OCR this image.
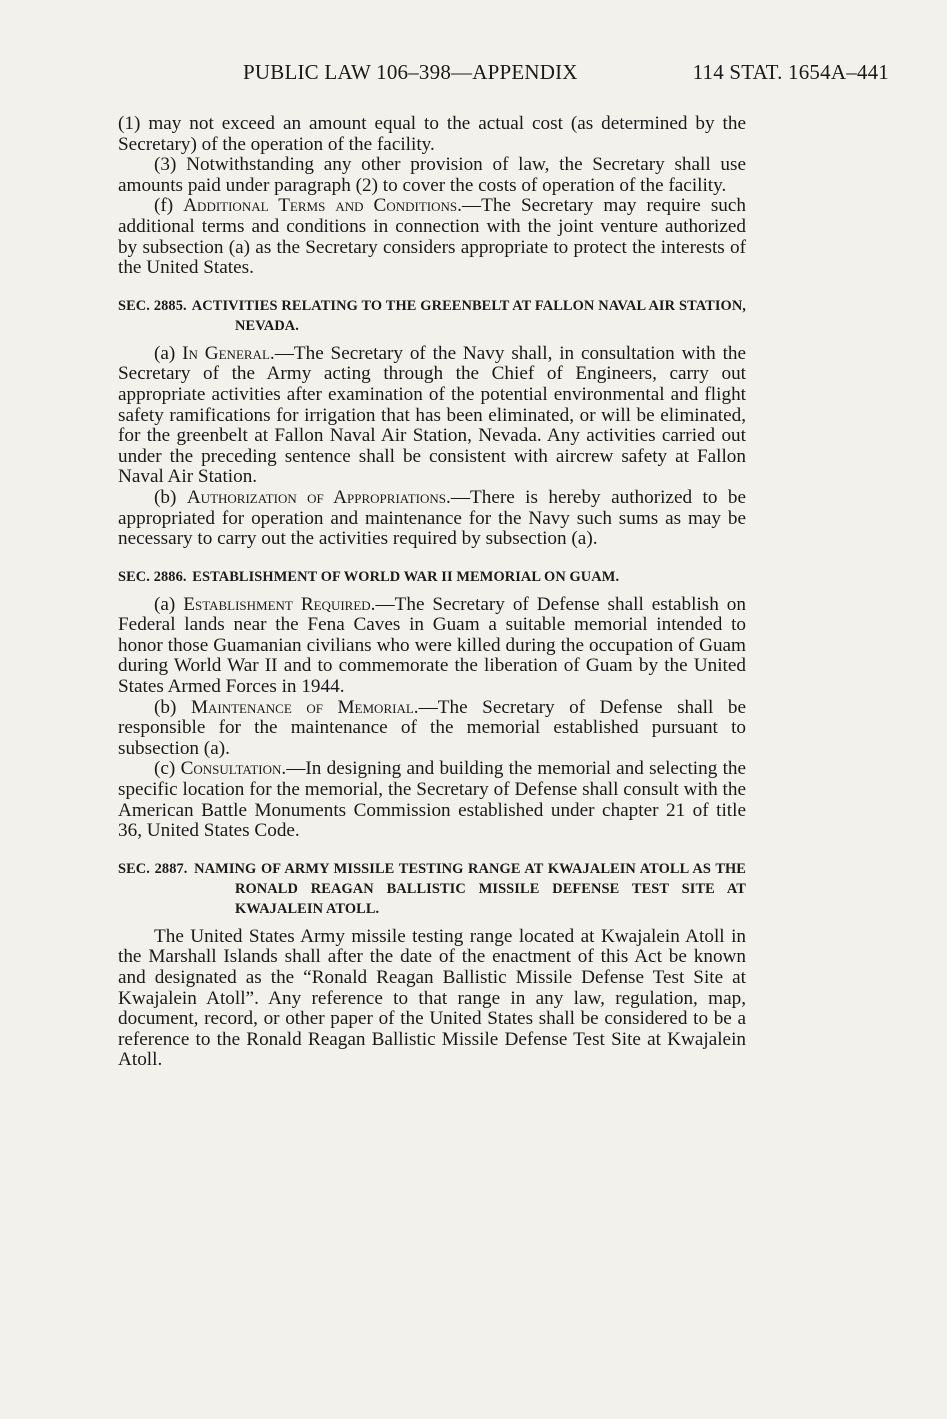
PUBLIC LAW 106–398—APPENDIX	114 STAT. 1654A–441

(1) may not exceed an amount equal to the actual cost (as determined by the Secretary) of the operation of the facility.

(3) Notwithstanding any other provision of law, the Secretary shall use amounts paid under paragraph (2) to cover the costs of operation of the facility.

(f) Additional Terms and Conditions.—The Secretary may require such additional terms and conditions in connection with the joint venture authorized by subsection (a) as the Secretary considers appropriate to protect the interests of the United States.

SEC. 2885. ACTIVITIES RELATING TO THE GREENBELT AT FALLON NAVAL AIR STATION, NEVADA.

(a) In General.—The Secretary of the Navy shall, in consultation with the Secretary of the Army acting through the Chief of Engineers, carry out appropriate activities after examination of the potential environmental and flight safety ramifications for irrigation that has been eliminated, or will be eliminated, for the greenbelt at Fallon Naval Air Station, Nevada. Any activities carried out under the preceding sentence shall be consistent with aircrew safety at Fallon Naval Air Station.

(b) Authorization of Appropriations.—There is hereby authorized to be appropriated for operation and maintenance for the Navy such sums as may be necessary to carry out the activities required by subsection (a).

SEC. 2886. ESTABLISHMENT OF WORLD WAR II MEMORIAL ON GUAM.

(a) Establishment Required.—The Secretary of Defense shall establish on Federal lands near the Fena Caves in Guam a suitable memorial intended to honor those Guamanian civilians who were killed during the occupation of Guam during World War II and to commemorate the liberation of Guam by the United States Armed Forces in 1944.

(b) Maintenance of Memorial.—The Secretary of Defense shall be responsible for the maintenance of the memorial established pursuant to subsection (a).

(c) Consultation.—In designing and building the memorial and selecting the specific location for the memorial, the Secretary of Defense shall consult with the American Battle Monuments Commission established under chapter 21 of title 36, United States Code.

SEC. 2887. NAMING OF ARMY MISSILE TESTING RANGE AT KWAJALEIN ATOLL AS THE RONALD REAGAN BALLISTIC MISSILE DEFENSE TEST SITE AT KWAJALEIN ATOLL.

The United States Army missile testing range located at Kwajalein Atoll in the Marshall Islands shall after the date of the enactment of this Act be known and designated as the “Ronald Reagan Ballistic Missile Defense Test Site at Kwajalein Atoll”. Any reference to that range in any law, regulation, map, document, record, or other paper of the United States shall be considered to be a reference to the Ronald Reagan Ballistic Missile Defense Test Site at Kwajalein Atoll.
